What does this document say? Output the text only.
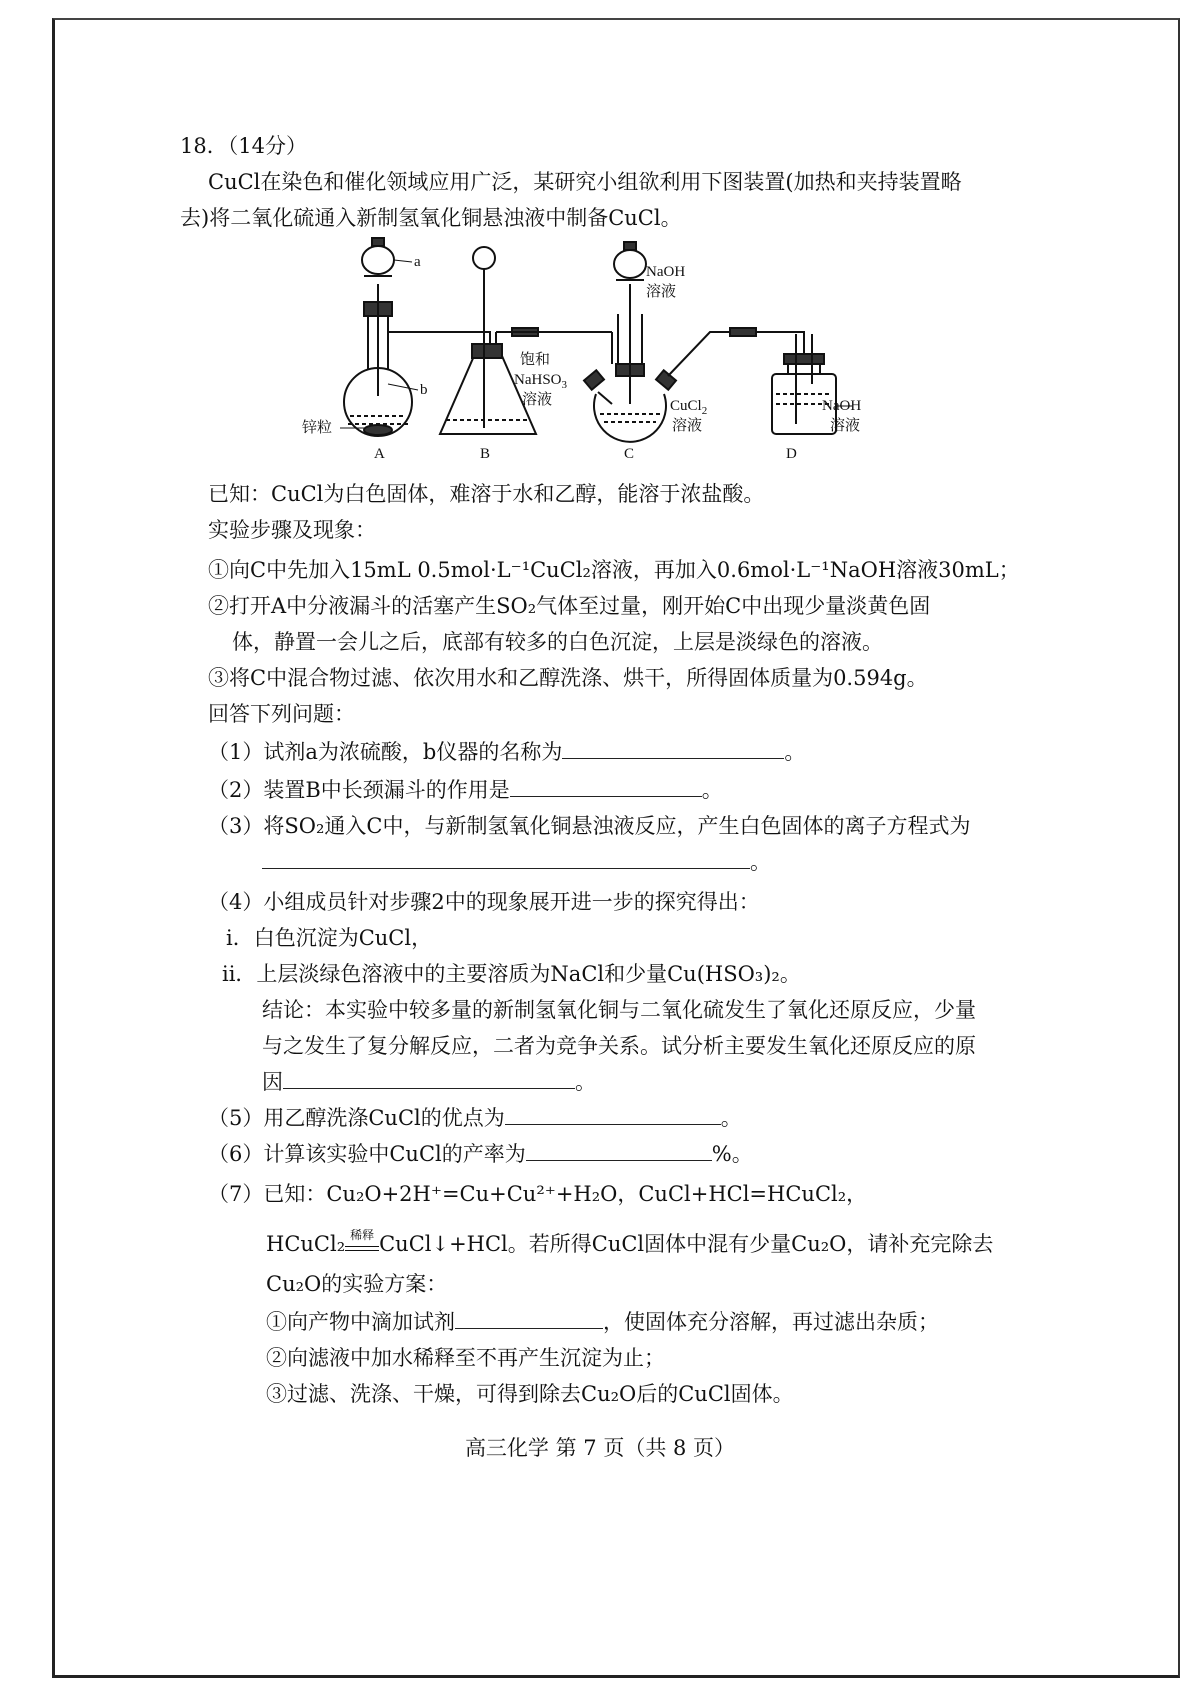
18．（14分）
CuCl在染色和催化领域应用广泛，某研究小组欲利用下图装置(加热和夹持装置略
去)将二氧化硫通入新制氢氧化铜悬浊液中制备CuCl。
已知：CuCl为白色固体，难溶于水和乙醇，能溶于浓盐酸。
实验步骤及现象：
①向C中先加入15mL 0.5mol·L⁻¹CuCl₂溶液，再加入0.6mol·L⁻¹NaOH溶液30mL；
②打开A中分液漏斗的活塞产生SO₂气体至过量，刚开始C中出现少量淡黄色固
体，静置一会儿之后，底部有较多的白色沉淀，上层是淡绿色的溶液。
③将C中混合物过滤、依次用水和乙醇洗涤、烘干，所得固体质量为0.594g。
回答下列问题：
（1）试剂a为浓硫酸，b仪器的名称为	。
（2）装置B中长颈漏斗的作用是	。
（3）将SO₂通入C中，与新制氢氧化铜悬浊液反应，产生白色固体的离子方程式为
。
（4）小组成员针对步骤2中的现象展开进一步的探究得出：
i．白色沉淀为CuCl，
ii．上层淡绿色溶液中的主要溶质为NaCl和少量Cu(HSO₃)₂。
结论：本实验中较多量的新制氢氧化铜与二氧化硫发生了氧化还原反应，少量
与之发生了复分解反应，二者为竞争关系。试分析主要发生氧化还原反应的原
因	。
（5）用乙醇洗涤CuCl的优点为	。
（6）计算该实验中CuCl的产率为	%。
（7）已知：Cu₂O+2H⁺=Cu+Cu²⁺+H₂O，CuCl+HCl=HCuCl₂，
HCuCl₂ 稀释 CuCl↓+HCl。若所得CuCl固体中混有少量Cu₂O，请补充完除去
Cu₂O的实验方案：
①向产物中滴加试剂	，使固体充分溶解，再过滤出杂质；
②向滤液中加水稀释至不再产生沉淀为止；
③过滤、洗涤、干燥，可得到除去Cu₂O后的CuCl固体。
a
b
锌粒
饱和
NaHSO$_3$
溶液
NaOH
溶液
CuCl$_2$
溶液
NaOH
溶液
A	B	C	D
高三化学 第 7 页（共 8 页）
